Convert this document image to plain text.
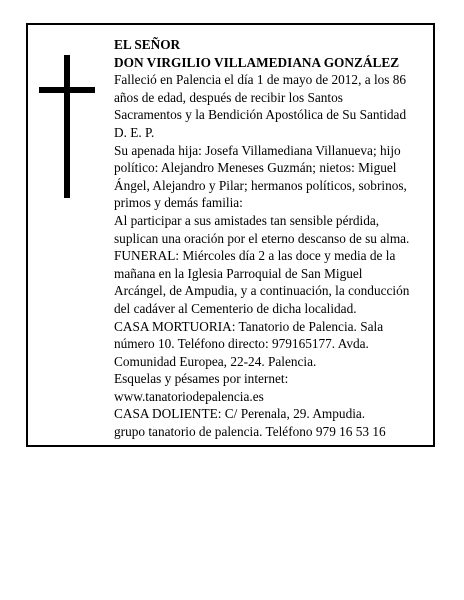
EL SEÑOR
DON VIRGILIO VILLAMEDIANA GONZÁLEZ
Falleció en Palencia el día 1 de mayo de 2012, a los 86
años de edad, después de recibir los Santos
Sacramentos y la Bendición Apostólica de Su Santidad
D. E. P.
Su apenada hija: Josefa Villamediana Villanueva; hijo
político: Alejandro Meneses Guzmán; nietos: Miguel
Ángel, Alejandro y Pilar; hermanos políticos, sobrinos,
primos y demás familia:
Al participar a sus amistades tan sensible pérdida,
suplican una oración por el eterno descanso de su alma.
FUNERAL: Miércoles día 2 a las doce y media de la
mañana en la Iglesia Parroquial de San Miguel
Arcángel, de Ampudia, y a continuación, la conducción
del cadáver al Cementerio de dicha localidad.
CASA MORTUORIA: Tanatorio de Palencia. Sala
número 10. Teléfono directo: 979165177. Avda.
Comunidad Europea, 22-24. Palencia.
Esquelas y pésames por internet:
www.tanatoriodepalencia.es
CASA DOLIENTE: C/ Perenala, 29. Ampudia.
grupo tanatorio de palencia. Teléfono 979 16 53 16
